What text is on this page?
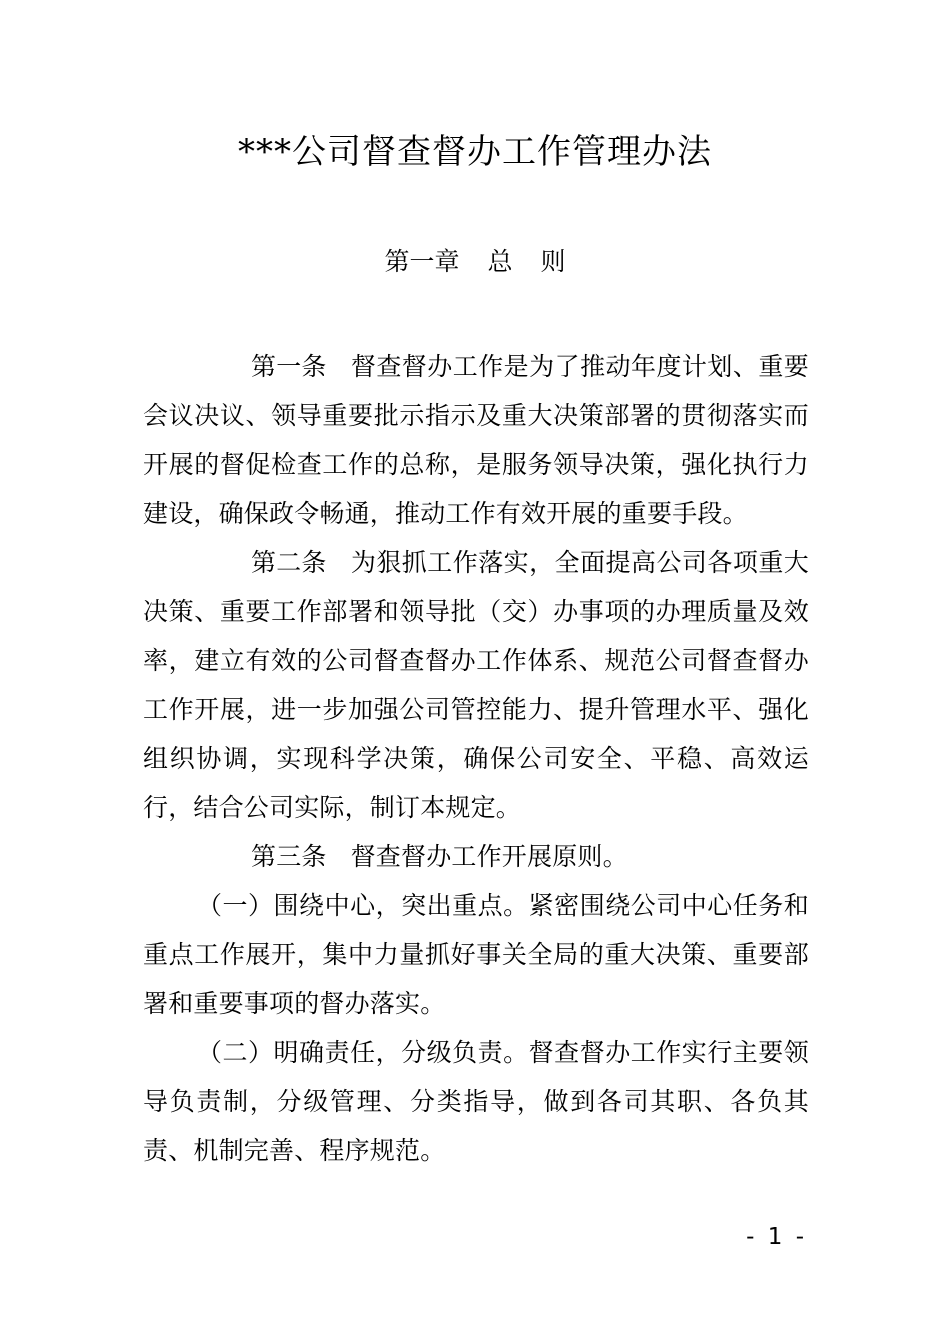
***公司督查督办工作管理办法
第一章 总 则

第一条 督查督办工作是为了推动年度计划、重要会议决议、领导重要批示指示及重大决策部署的贯彻落实而开展的督促检查工作的总称，是服务领导决策，强化执行力建设，确保政令畅通，推动工作有效开展的重要手段。

第二条 为狠抓工作落实，全面提高公司各项重大决策、重要工作部署和领导批（交）办事项的办理质量及效率，建立有效的公司督查督办工作体系、规范公司督查督办工作开展，进一步加强公司管控能力、提升管理水平、强化组织协调，实现科学决策，确保公司安全、平稳、高效运行，结合公司实际，制订本规定。

第三条 督查督办工作开展原则。

（一）围绕中心，突出重点。紧密围绕公司中心任务和重点工作展开，集中力量抓好事关全局的重大决策、重要部署和重要事项的督办落实。

（二）明确责任，分级负责。督查督办工作实行主要领导负责制，分级管理、分类指导，做到各司其职、各负其责、机制完善、程序规范。

- 1 -
